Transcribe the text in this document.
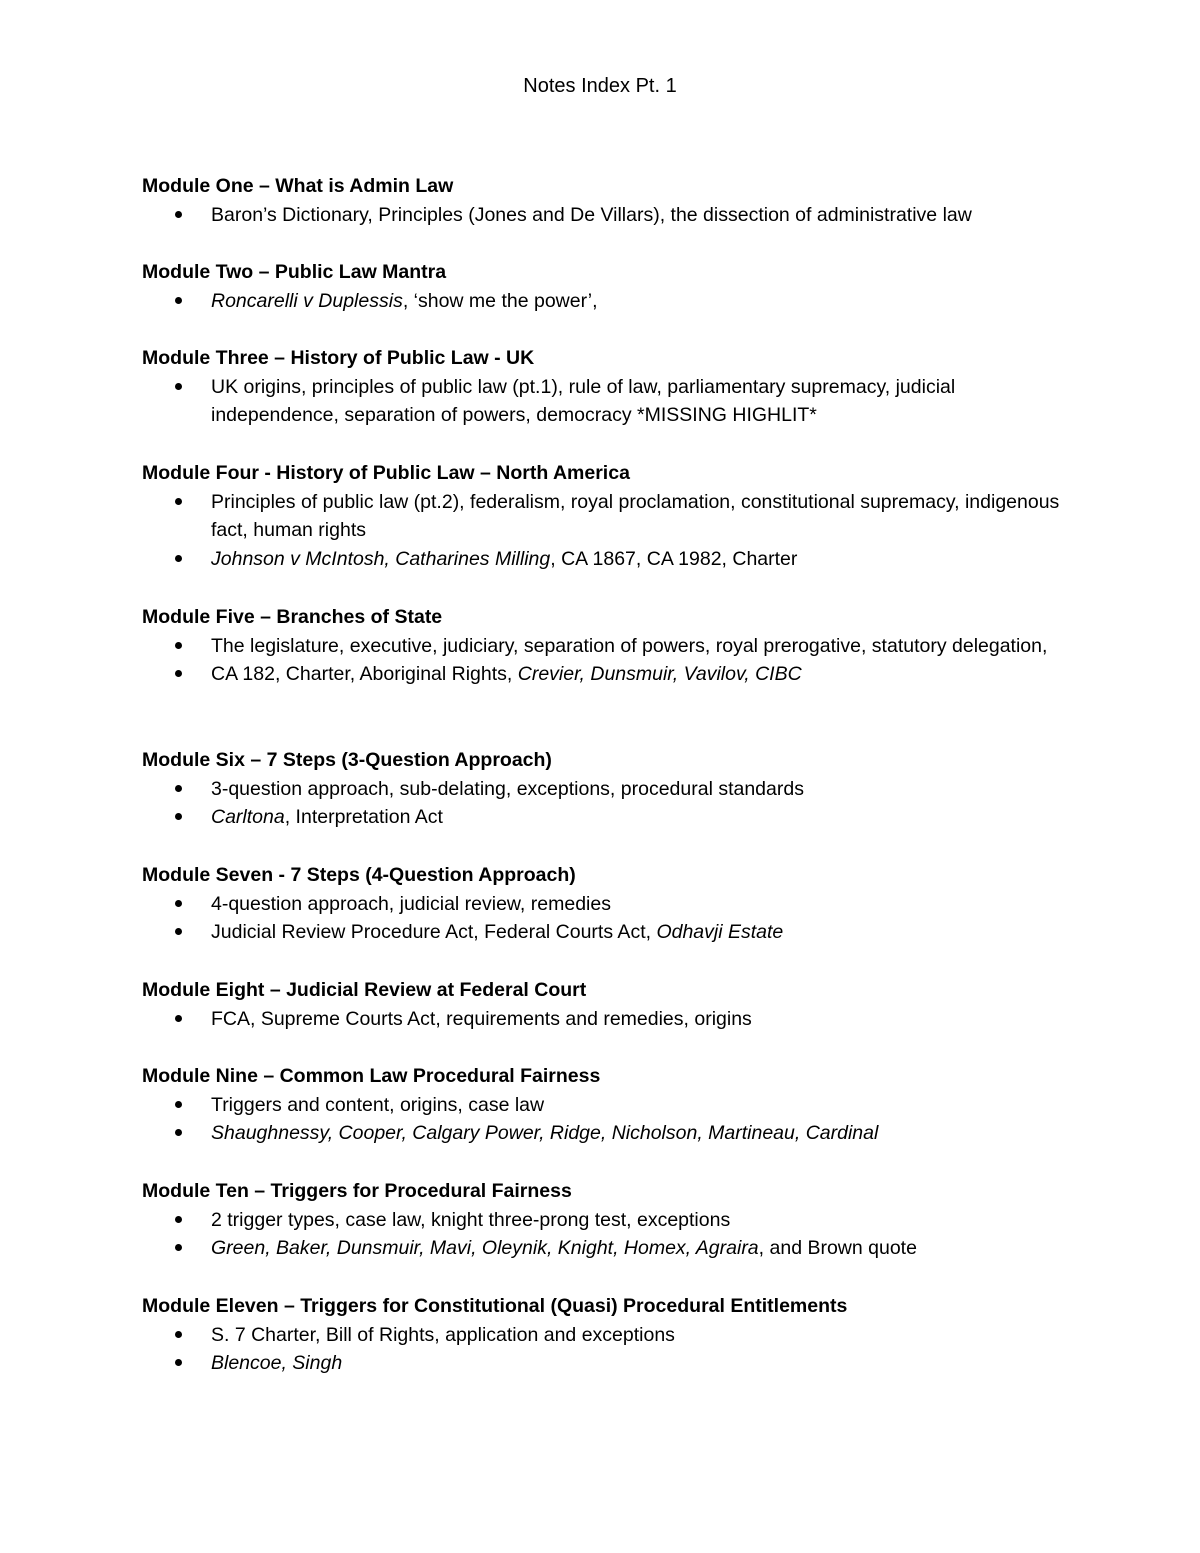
Notes Index Pt. 1
Module One – What is Admin Law
Baron’s Dictionary, Principles (Jones and De Villars), the dissection of administrative law
Module Two – Public Law Mantra
Roncarelli v Duplessis, ‘show me the power’,
Module Three – History of Public Law - UK
UK origins, principles of public law (pt.1), rule of law, parliamentary supremacy, judicial independence, separation of powers, democracy *MISSING HIGHLIT*
Module Four - History of Public Law – North America
Principles of public law (pt.2), federalism, royal proclamation, constitutional supremacy, indigenous fact, human rights
Johnson v McIntosh, Catharines Milling, CA 1867, CA 1982, Charter
Module Five – Branches of State
The legislature, executive, judiciary, separation of powers, royal prerogative, statutory delegation,
CA 182, Charter, Aboriginal Rights, Crevier, Dunsmuir, Vavilov, CIBC
Module Six – 7 Steps (3-Question Approach)
3-question approach, sub-delating, exceptions, procedural standards
Carltona, Interpretation Act
Module Seven - 7 Steps (4-Question Approach)
4-question approach, judicial review, remedies
Judicial Review Procedure Act, Federal Courts Act, Odhavji Estate
Module Eight – Judicial Review at Federal Court
FCA, Supreme Courts Act, requirements and remedies, origins
Module Nine – Common Law Procedural Fairness
Triggers and content, origins, case law
Shaughnessy, Cooper, Calgary Power, Ridge, Nicholson, Martineau, Cardinal
Module Ten – Triggers for Procedural Fairness
2 trigger types, case law, knight three-prong test, exceptions
Green, Baker, Dunsmuir, Mavi, Oleynik, Knight, Homex, Agraira, and Brown quote
Module Eleven – Triggers for Constitutional (Quasi) Procedural Entitlements
S. 7 Charter, Bill of Rights, application and exceptions
Blencoe, Singh
